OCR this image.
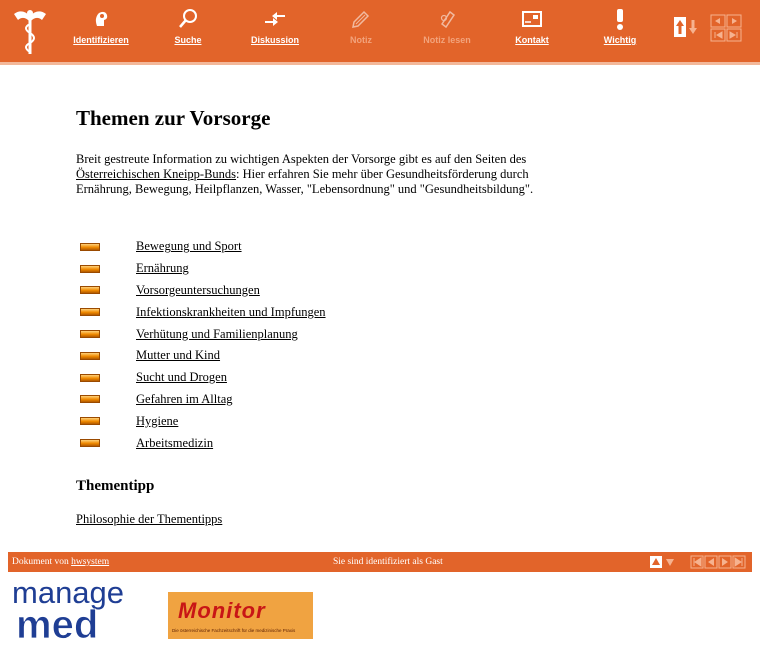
Identifizieren	Suche	Diskussion	Notiz	Notiz lesen	Kontakt	Wichtig
Themen zur Vorsorge

Breit gestreute Information zu wichtigen Aspekten der Vorsorge gibt es auf den Seiten des Österreichischen Kneipp-Bunds: Hier erfahren Sie mehr über Gesundheitsförderung durch Ernährung, Bewegung, Heilpflanzen, Wasser, "Lebensordnung" und "Gesundheitsbildung".

Bewegung und Sport
Ernährung
Vorsorgeuntersuchungen
Infektionskrankheiten und Impfungen
Verhütung und Familienplanung
Mutter und Kind
Sucht und Drogen
Gefahren im Alltag
Hygiene
Arbeitsmedizin
Thementipp
Philosophie der Thementipps
Dokument von hwsystem	Sie sind identifiziert als Gast
manage
med	Monitor
Die österreichische Fachzeitschrift für die medizinische Praxis
